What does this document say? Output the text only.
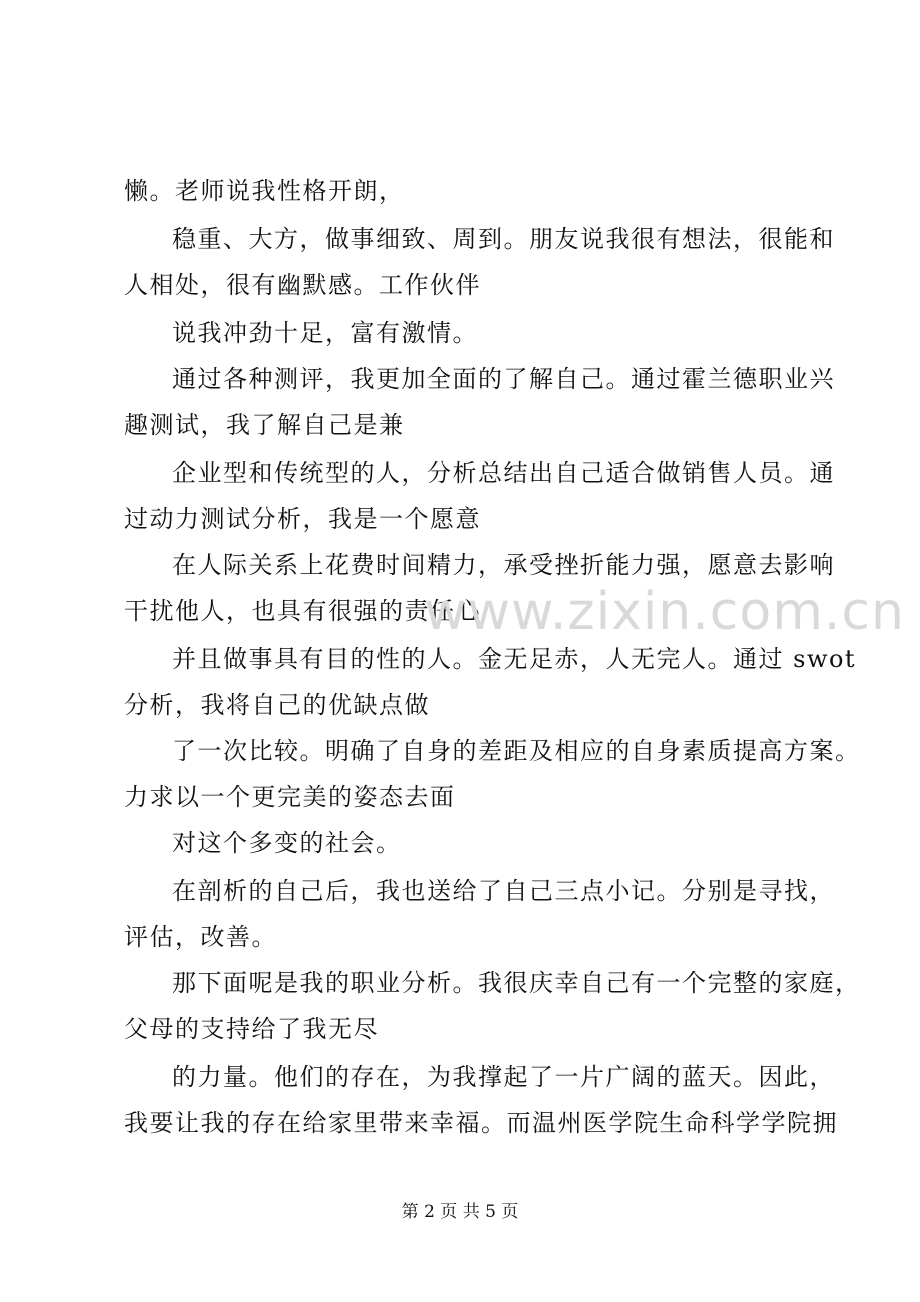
懒。老师说我性格开朗，
稳重、大方，做事细致、周到。朋友说我很有想法，很能和
人相处，很有幽默感。工作伙伴
说我冲劲十足，富有激情。
通过各种测评，我更加全面的了解自己。通过霍兰德职业兴
趣测试，我了解自己是兼
企业型和传统型的人，分析总结出自己适合做销售人员。通
过动力测试分析，我是一个愿意
在人际关系上花费时间精力，承受挫折能力强，愿意去影响
干扰他人，也具有很强的责任心
并且做事具有目的性的人。金无足赤，人无完人。通过 swot
分析，我将自己的优缺点做
了一次比较。明确了自身的差距及相应的自身素质提高方案。
力求以一个更完美的姿态去面
对这个多变的社会。
在剖析的自己后，我也送给了自己三点小记。分别是寻找，
评估，改善。
那下面呢是我的职业分析。我很庆幸自己有一个完整的家庭，
父母的支持给了我无尽
的力量。他们的存在，为我撑起了一片广阔的蓝天。因此，
我要让我的存在给家里带来幸福。而温州医学院生命科学学院拥
www.zixin.com.cn
第 2 页 共 5 页
